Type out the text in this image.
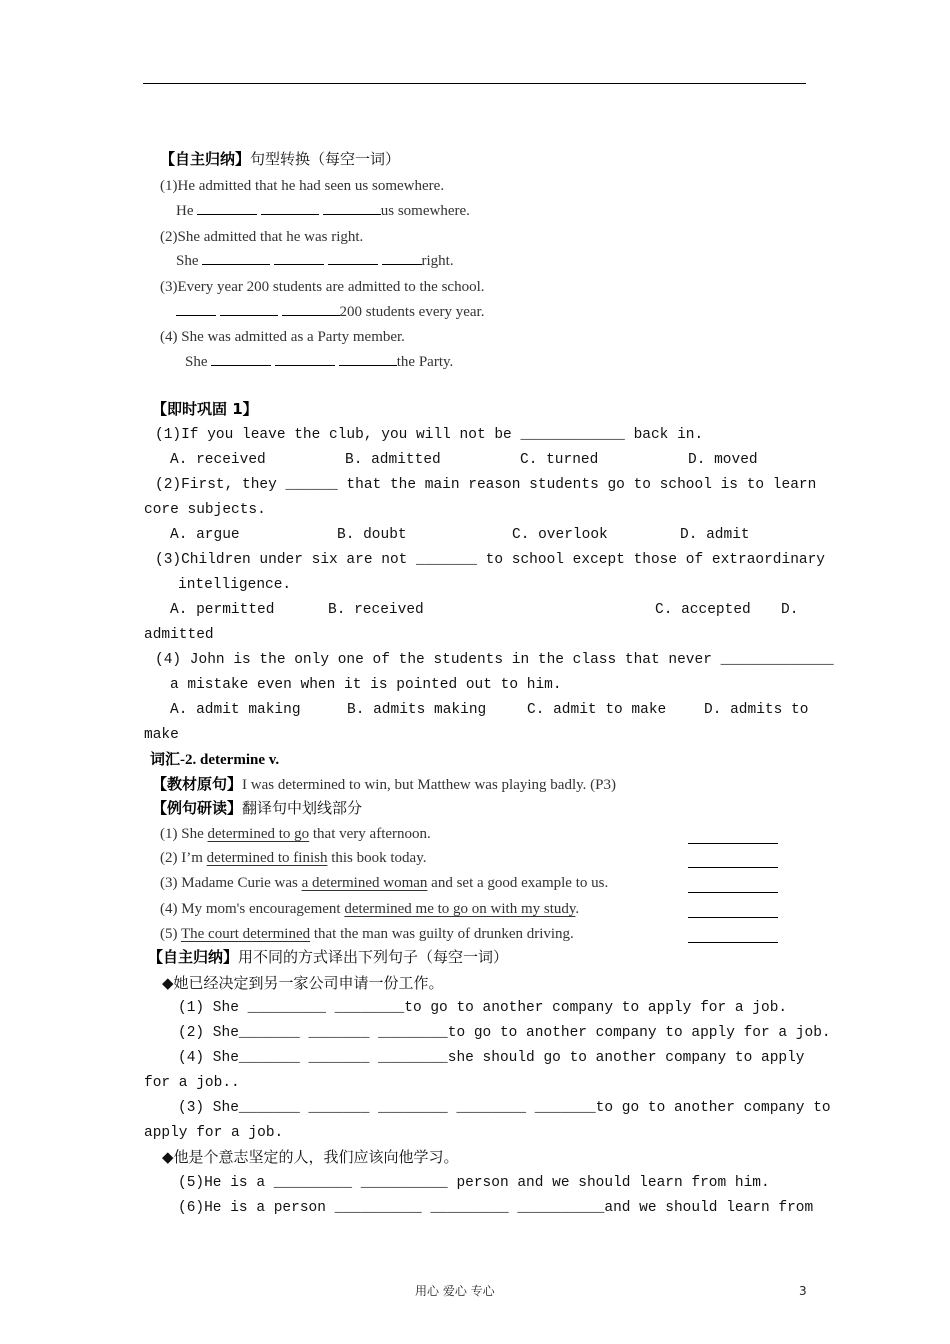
【自主归纳】句型转换（每空一词）
(1)He admitted that he had seen us somewhere.
He	us somewhere.
(2)She admitted that he was right.
She	right.
(3)Every year 200 students are admitted to the school.
200 students every year.
(4) She was admitted as a Party member.
She	the Party.
【即时巩固 1】
(1)If you leave the club, you will not be ____________ back in.
A. received	B. admitted	C. turned	D. moved
(2)First, they ______ that the main reason students go to school is to learn
core subjects.
A. argue	B. doubt	C. overlook	D. admit
(3)Children under six are not _______ to school except those of extraordinary
intelligence.
A. permitted	B. received	C. accepted D.
admitted
(4) John is the only one of the students in the class that never _____________
a mistake even when it is pointed out to him.
A. admit making	B. admits making	C. admit to make	D. admits to
make
词汇-2. determine v.
【教材原句】I was determined to win, but Matthew was playing badly. (P3)
【例句研读】翻译句中划线部分
(1) She determined to go that very afternoon.
(2) I’m determined to finish this book today.
(3) Madame Curie was a determined woman and set a good example to us.
(4) My mom's encouragement determined me to go on with my study.
(5) The court determined that the man was guilty of drunken driving.
【自主归纳】用不同的方式译出下列句子（每空一词）
◆她已经决定到另一家公司申请一份工作。
(1) She _________ ________to go to another company to apply for a job.
(2) She_______ _______ ________to go to another company to apply for a job.
(4) She_______ _______ ________she should go to another company to apply
for a job..
(3) She_______ _______ ________ ________ _______to go to another company to
apply for a job.
◆他是个意志坚定的人，我们应该向他学习。
(5)He is a _________ __________ person and we should learn from him.
(6)He is a person __________ _________ __________and we should learn from
用心 爱心 专心	3
